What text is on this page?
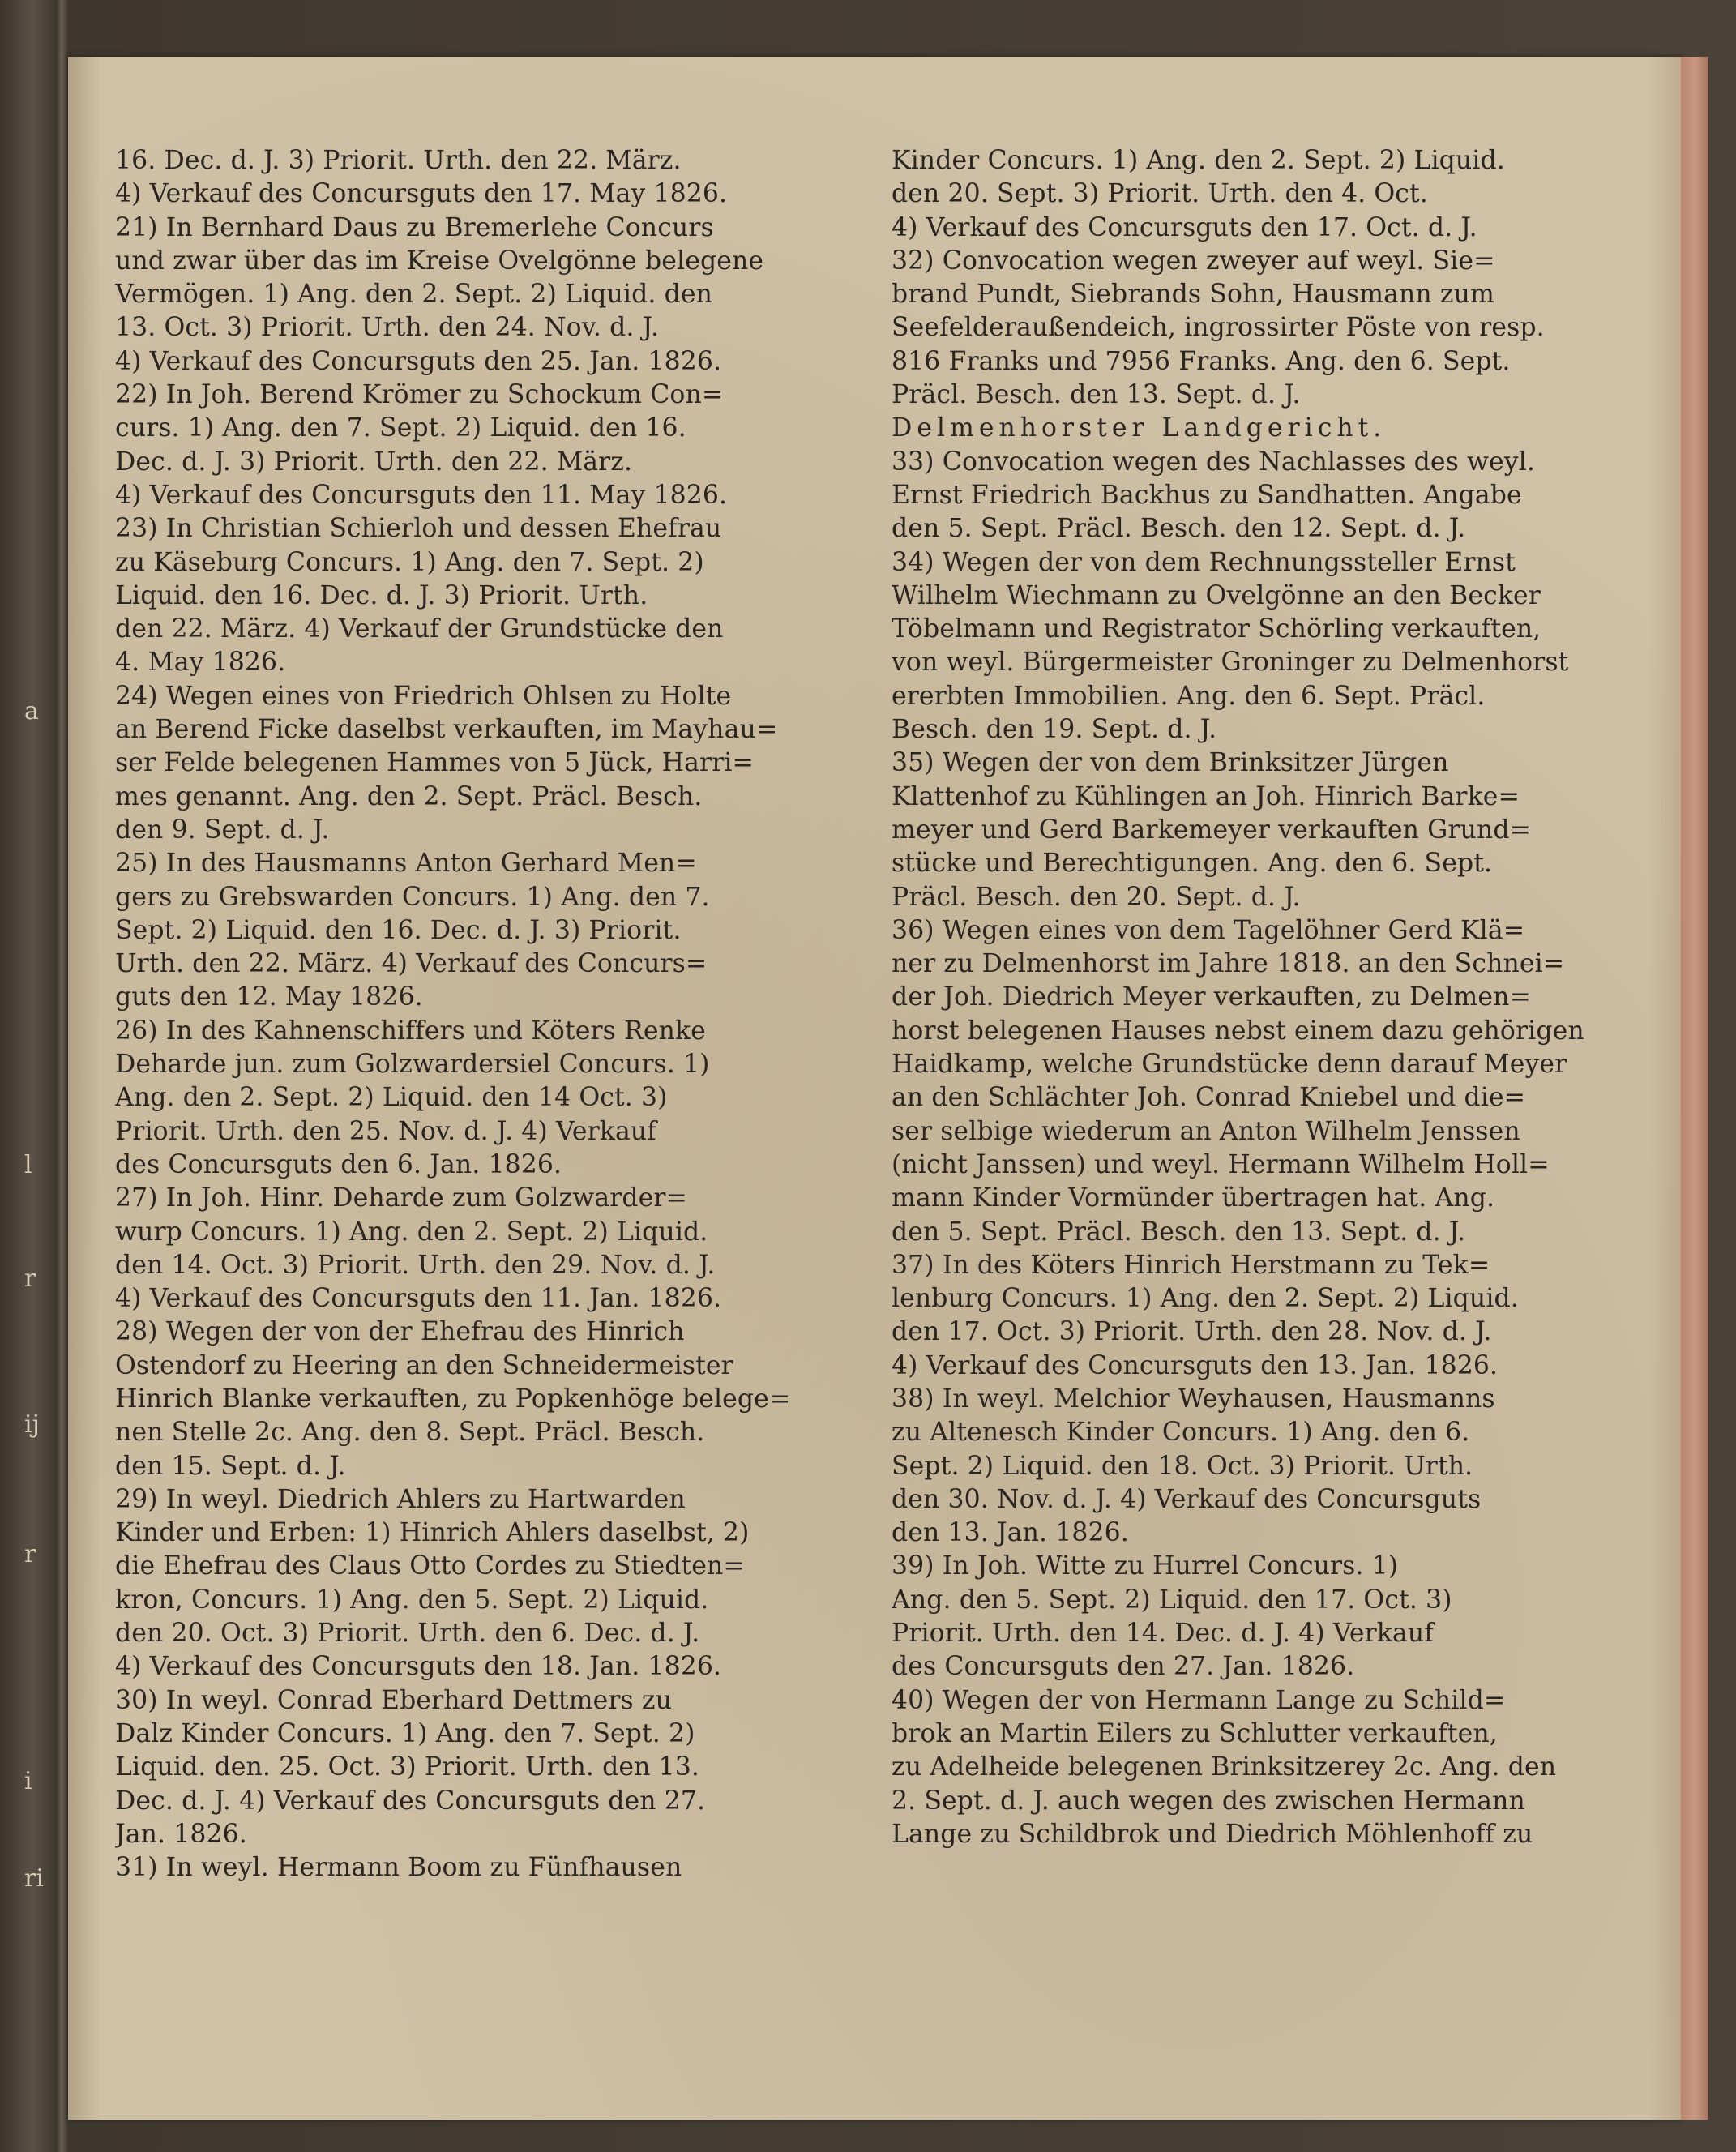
a
l
r
ij
r
i
ri
16. Dec. d. J. 3) Priorit. Urth. den 22. März.
4) Verkauf des Concursguts den 17. May 1826.
21) In Bernhard Daus zu Bremerlehe Concurs
und zwar über das im Kreise Ovelgönne belegene
Vermögen. 1) Ang. den 2. Sept. 2) Liquid. den
13. Oct. 3) Priorit. Urth. den 24. Nov. d. J.
4) Verkauf des Concursguts den 25. Jan. 1826.
22) In Joh. Berend Krömer zu Schockum Con=
curs. 1) Ang. den 7. Sept. 2) Liquid. den 16.
Dec. d. J. 3) Priorit. Urth. den 22. März.
4) Verkauf des Concursguts den 11. May 1826.
23) In Christian Schierloh und dessen Ehefrau
zu Käseburg Concurs. 1) Ang. den 7. Sept. 2)
Liquid. den 16. Dec. d. J. 3) Priorit. Urth.
den 22. März. 4) Verkauf der Grundstücke den
4. May 1826.
24) Wegen eines von Friedrich Ohlsen zu Holte
an Berend Ficke daselbst verkauften, im Mayhau=
ser Felde belegenen Hammes von 5 Jück, Harri=
mes genannt. Ang. den 2. Sept. Präcl. Besch.
den 9. Sept. d. J.
25) In des Hausmanns Anton Gerhard Men=
gers zu Grebswarden Concurs. 1) Ang. den 7.
Sept. 2) Liquid. den 16. Dec. d. J. 3) Priorit.
Urth. den 22. März. 4) Verkauf des Concurs=
guts den 12. May 1826.
26) In des Kahnenschiffers und Köters Renke
Deharde jun. zum Golzwardersiel Concurs. 1)
Ang. den 2. Sept. 2) Liquid. den 14 Oct. 3)
Priorit. Urth. den 25. Nov. d. J. 4) Verkauf
des Concursguts den 6. Jan. 1826.
27) In Joh. Hinr. Deharde zum Golzwarder=
wurp Concurs. 1) Ang. den 2. Sept. 2) Liquid.
den 14. Oct. 3) Priorit. Urth. den 29. Nov. d. J.
4) Verkauf des Concursguts den 11. Jan. 1826.
28) Wegen der von der Ehefrau des Hinrich
Ostendorf zu Heering an den Schneidermeister
Hinrich Blanke verkauften, zu Popkenhöge belege=
nen Stelle 2c. Ang. den 8. Sept. Präcl. Besch.
den 15. Sept. d. J.
29) In weyl. Diedrich Ahlers zu Hartwarden
Kinder und Erben: 1) Hinrich Ahlers daselbst, 2)
die Ehefrau des Claus Otto Cordes zu Stiedten=
kron, Concurs. 1) Ang. den 5. Sept. 2) Liquid.
den 20. Oct. 3) Priorit. Urth. den 6. Dec. d. J.
4) Verkauf des Concursguts den 18. Jan. 1826.
30) In weyl. Conrad Eberhard Dettmers zu
Dalz Kinder Concurs. 1) Ang. den 7. Sept. 2)
Liquid. den. 25. Oct. 3) Priorit. Urth. den 13.
Dec. d. J. 4) Verkauf des Concursguts den 27.
Jan. 1826.
31) In weyl. Hermann Boom zu Fünfhausen
Kinder Concurs. 1) Ang. den 2. Sept. 2) Liquid.
den 20. Sept. 3) Priorit. Urth. den 4. Oct.
4) Verkauf des Concursguts den 17. Oct. d. J.
32) Convocation wegen zweyer auf weyl. Sie=
brand Pundt, Siebrands Sohn, Hausmann zum
Seefelderaußendeich, ingrossirter Pöste von resp.
816 Franks und 7956 Franks. Ang. den 6. Sept.
Präcl. Besch. den 13. Sept. d. J.
Delmenhorster Landgericht.
33) Convocation wegen des Nachlasses des weyl.
Ernst Friedrich Backhus zu Sandhatten. Angabe
den 5. Sept. Präcl. Besch. den 12. Sept. d. J.
34) Wegen der von dem Rechnungssteller Ernst
Wilhelm Wiechmann zu Ovelgönne an den Becker
Töbelmann und Registrator Schörling verkauften,
von weyl. Bürgermeister Groninger zu Delmenhorst
ererbten Immobilien. Ang. den 6. Sept. Präcl.
Besch. den 19. Sept. d. J.
35) Wegen der von dem Brinksitzer Jürgen
Klattenhof zu Kühlingen an Joh. Hinrich Barke=
meyer und Gerd Barkemeyer verkauften Grund=
stücke und Berechtigungen. Ang. den 6. Sept.
Präcl. Besch. den 20. Sept. d. J.
36) Wegen eines von dem Tagelöhner Gerd Klä=
ner zu Delmenhorst im Jahre 1818. an den Schnei=
der Joh. Diedrich Meyer verkauften, zu Delmen=
horst belegenen Hauses nebst einem dazu gehörigen
Haidkamp, welche Grundstücke denn darauf Meyer
an den Schlächter Joh. Conrad Kniebel und die=
ser selbige wiederum an Anton Wilhelm Jenssen
(nicht Janssen) und weyl. Hermann Wilhelm Holl=
mann Kinder Vormünder übertragen hat. Ang.
den 5. Sept. Präcl. Besch. den 13. Sept. d. J.
37) In des Köters Hinrich Herstmann zu Tek=
lenburg Concurs. 1) Ang. den 2. Sept. 2) Liquid.
den 17. Oct. 3) Priorit. Urth. den 28. Nov. d. J.
4) Verkauf des Concursguts den 13. Jan. 1826.
38) In weyl. Melchior Weyhausen, Hausmanns
zu Altenesch Kinder Concurs. 1) Ang. den 6.
Sept. 2) Liquid. den 18. Oct. 3) Priorit. Urth.
den 30. Nov. d. J. 4) Verkauf des Concursguts
den 13. Jan. 1826.
39) In Joh. Witte zu Hurrel Concurs. 1)
Ang. den 5. Sept. 2) Liquid. den 17. Oct. 3)
Priorit. Urth. den 14. Dec. d. J. 4) Verkauf
des Concursguts den 27. Jan. 1826.
40) Wegen der von Hermann Lange zu Schild=
brok an Martin Eilers zu Schlutter verkauften,
zu Adelheide belegenen Brinksitzerey 2c. Ang. den
2. Sept. d. J. auch wegen des zwischen Hermann
Lange zu Schildbrok und Diedrich Möhlenhoff zu
